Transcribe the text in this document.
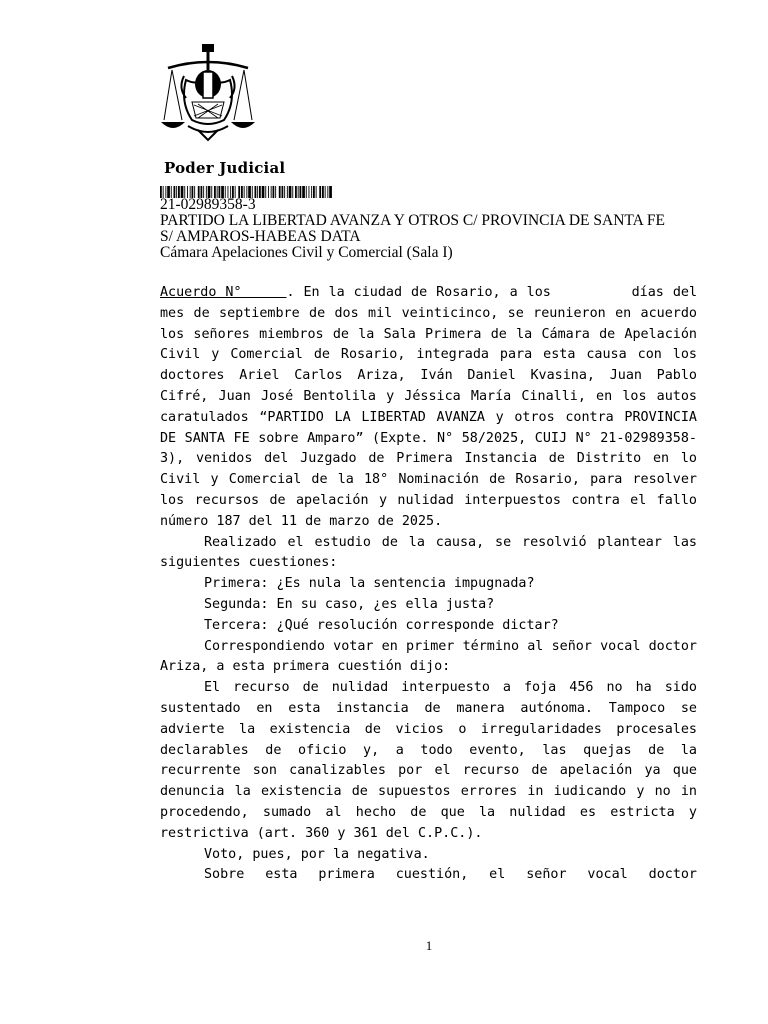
Poder Judicial
21-02989358-3
PARTIDO LA LIBERTAD AVANZA Y OTROS C/ PROVINCIA DE SANTA FE
S/ AMPAROS-HABEAS DATA
Cámara Apelaciones Civil y Comercial (Sala I)

Acuerdo N°	. En la ciudad de Rosario, a los         días del mes de septiembre de dos mil veinticinco, se reunieron en acuerdo los señores miembros de la Sala Primera de la Cámara de Apelación Civil y Comercial de Rosario, integrada para esta causa con los doctores Ariel Carlos Ariza, Iván Daniel Kvasina, Juan Pablo Cifré, Juan José Bentolila y Jéssica María Cinalli, en los autos caratulados “PARTIDO LA LIBERTAD AVANZA y otros contra PROVINCIA DE SANTA FE sobre Amparo” (Expte. N° 58/2025, CUIJ N° 21-02989358-3), venidos del Juzgado de Primera Instancia de Distrito en lo Civil y Comercial de la 18° Nominación de Rosario, para resolver los recursos de apelación y nulidad interpuestos contra el fallo número 187 del 11 de marzo de 2025.

Realizado el estudio de la causa, se resolvió plantear las siguientes cuestiones:

Primera: ¿Es nula la sentencia impugnada?

Segunda: En su caso, ¿es ella justa?

Tercera: ¿Qué resolución corresponde dictar?

Correspondiendo votar en primer término al señor vocal doctor Ariza, a esta primera cuestión dijo:

El recurso de nulidad interpuesto a foja 456 no ha sido sustentado en esta instancia de manera autónoma. Tampoco se advierte la existencia de vicios o irregularidades procesales declarables de oficio y, a todo evento, las quejas de la recurrente son canalizables por el recurso de apelación ya que denuncia la existencia de supuestos errores in iudicando y no in procedendo, sumado al hecho de que la nulidad es estricta y restrictiva (art. 360 y 361 del C.P.C.).

Voto, pues, por la negativa.

Sobre esta primera cuestión, el señor vocal doctor

1
